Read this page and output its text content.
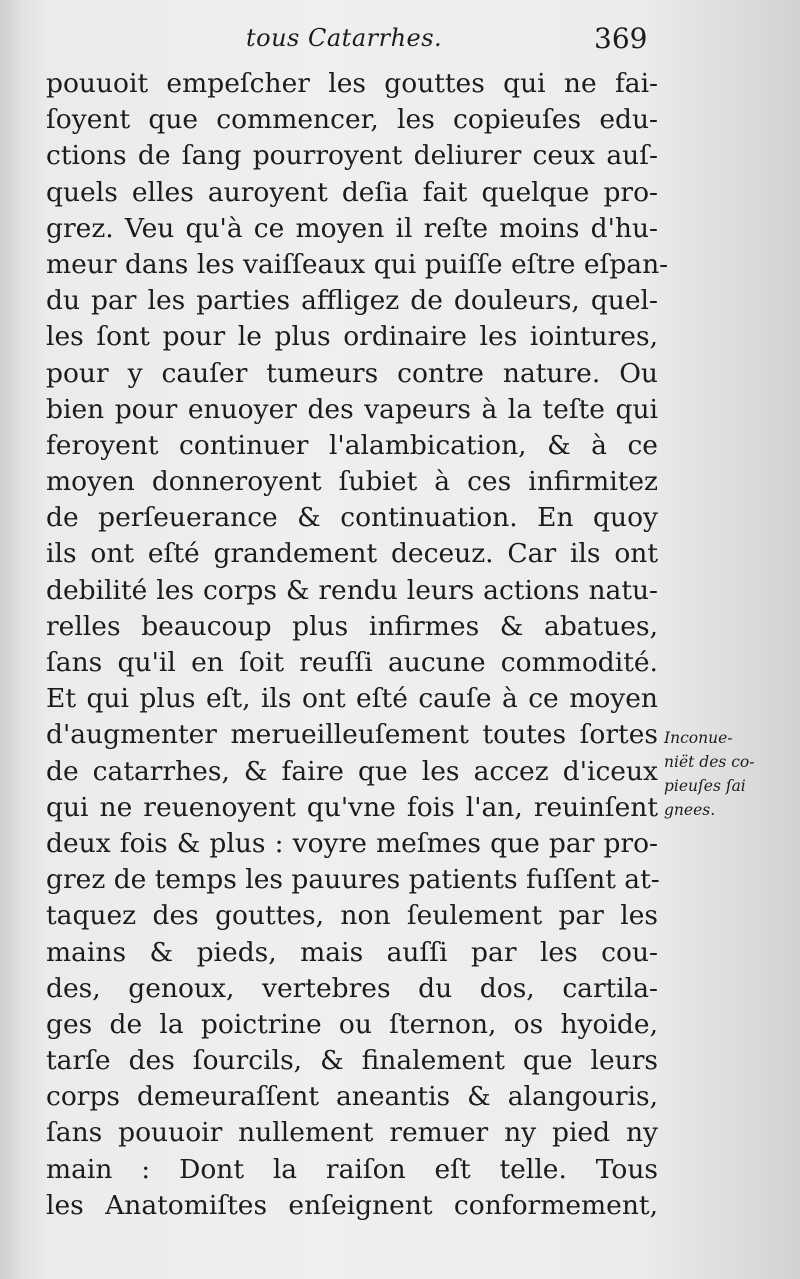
tous Catarrhes.	369
pouuoit empeſcher les gouttes qui ne fai-
ſoyent que commencer, les copieuſes edu-
ctions de ſang pourroyent deliurer ceux auſ-
quels elles auroyent deſia fait quelque pro-
grez. Veu qu'à ce moyen il reſte moins d'hu-
meur dans les vaiſſeaux qui puiſſe eſtre eſpan-
du par les parties affligez de douleurs, quel-
les ſont pour le plus ordinaire les iointures,
pour y cauſer tumeurs contre nature. Ou
bien pour enuoyer des vapeurs à la teſte qui
feroyent continuer l'alambication, & à ce
moyen donneroyent ſubiet à ces infirmitez
de perſeuerance & continuation. En quoy
ils ont eſté grandement deceuz. Car ils ont
debilité les corps & rendu leurs actions natu-
relles beaucoup plus infirmes & abatues,
ſans qu'il en ſoit reuſſi aucune commodité.
Et qui plus eſt, ils ont eſté cauſe à ce moyen
d'augmenter merueilleuſement toutes ſortes
de catarrhes, & faire que les accez d'iceux
qui ne reuenoyent qu'vne fois l'an, reuinſent
deux fois & plus : voyre meſmes que par pro-
grez de temps les pauures patients fuſſent at-
taquez des gouttes, non ſeulement par les
mains & pieds, mais auſſi par les cou-
des, genoux, vertebres du dos, cartila-
ges de la poictrine ou ſternon, os hyoide,
tarſe des ſourcils, & finalement que leurs
corps demeuraſſent aneantis & alangouris,
ſans pouuoir nullement remuer ny pied ny
main : Dont la raiſon eſt telle. Tous
les Anatomiſtes enſeignent conformement,
Inconue-
niët des co-
pieuſes ſai
gnees.
